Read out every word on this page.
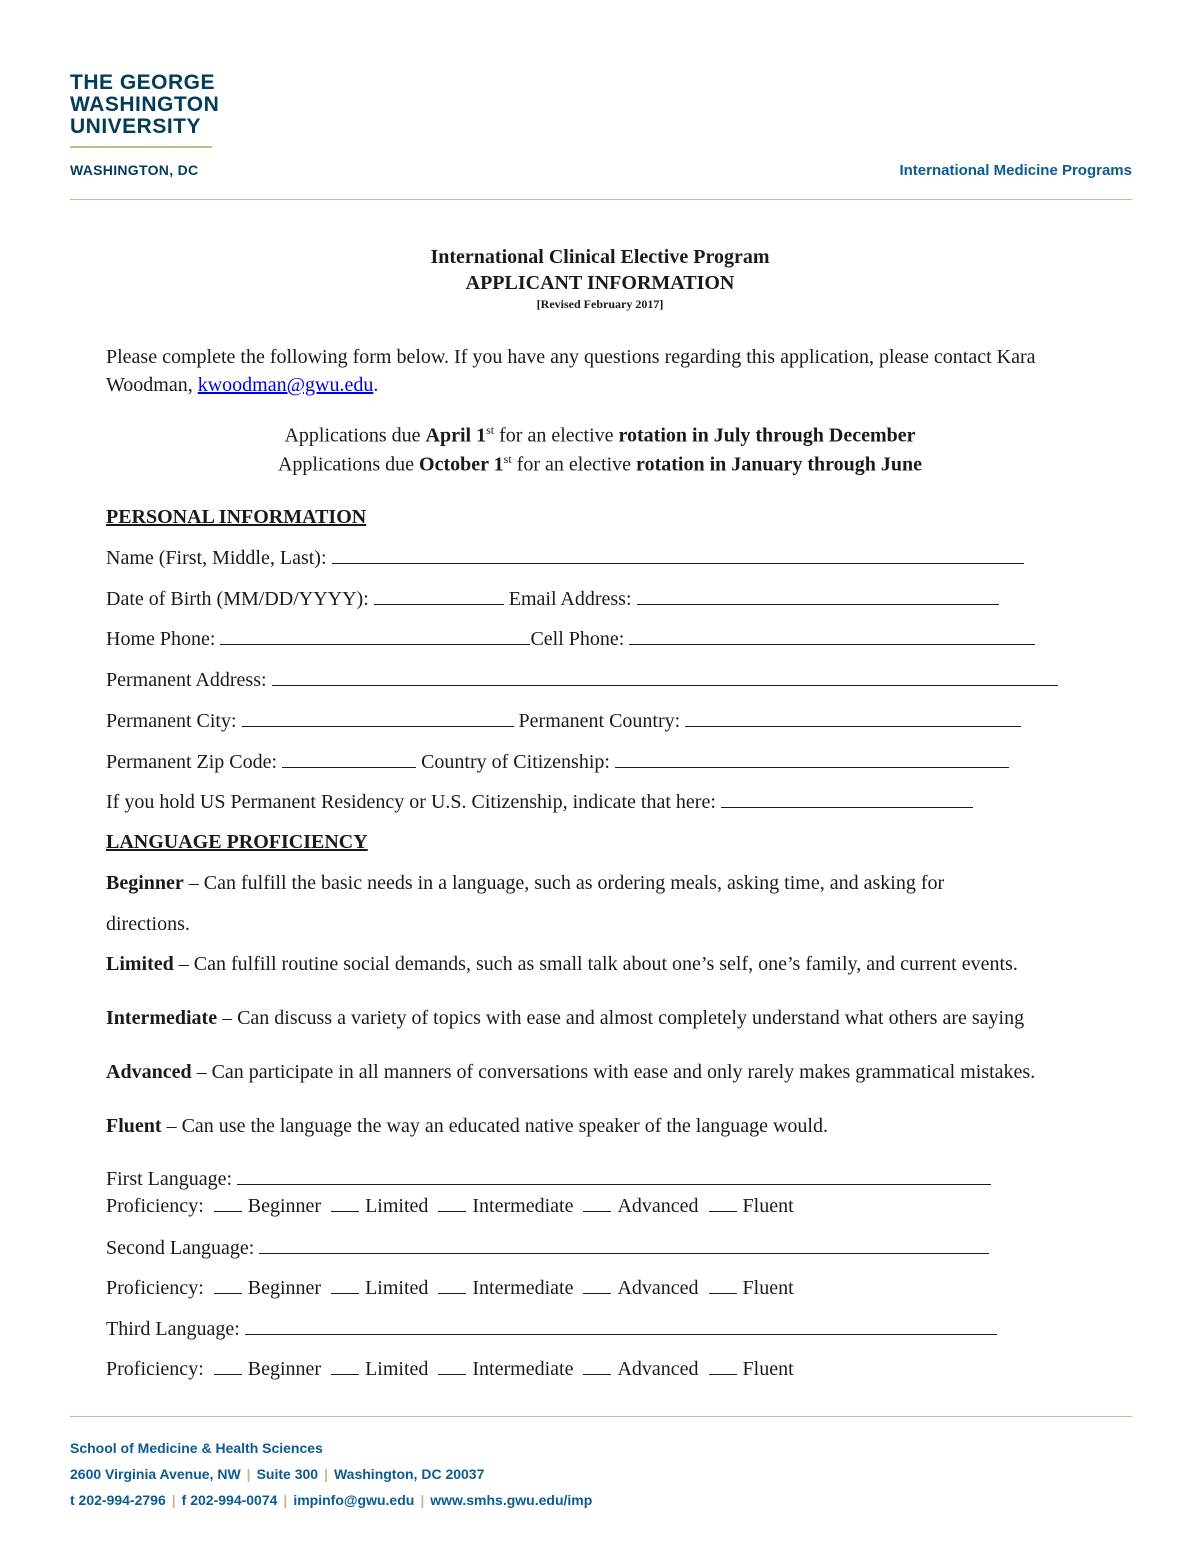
THE GEORGE
WASHINGTON
UNIVERSITY
WASHINGTON, DC	International Medicine Programs
International Clinical Elective Program
APPLICANT INFORMATION
[Revised February 2017]
Please complete the following form below. If you have any questions regarding this application, please contact Kara Woodman, kwoodman@gwu.edu.
Applications due April 1st for an elective rotation in July through December
Applications due October 1st for an elective rotation in January through June
PERSONAL INFORMATION
Name (First, Middle, Last):
Date of Birth (MM/DD/YYYY):	Email Address:
Home Phone:	Cell Phone:
Permanent Address:
Permanent City:	Permanent Country:
Permanent Zip Code:	Country of Citizenship:
If you hold US Permanent Residency or U.S. Citizenship, indicate that here:
LANGUAGE PROFICIENCY
Beginner – Can fulfill the basic needs in a language, such as ordering meals, asking time, and asking for
directions.
Limited – Can fulfill routine social demands, such as small talk about one’s self, one’s family, and current events.
Intermediate – Can discuss a variety of topics with ease and almost completely understand what others are saying
Advanced – Can participate in all manners of conversations with ease and only rarely makes grammatical mistakes.
Fluent – Can use the language the way an educated native speaker of the language would.
First Language:
Proficiency: Beginner Limited Intermediate Advanced Fluent
Second Language:
Proficiency: Beginner Limited Intermediate Advanced Fluent
Third Language:
Proficiency: Beginner Limited Intermediate Advanced Fluent
School of Medicine & Health Sciences
2600 Virginia Avenue, NW | Suite 300 | Washington, DC 20037
t 202-994-2796 | f 202-994-0074 | impinfo@gwu.edu | www.smhs.gwu.edu/imp
